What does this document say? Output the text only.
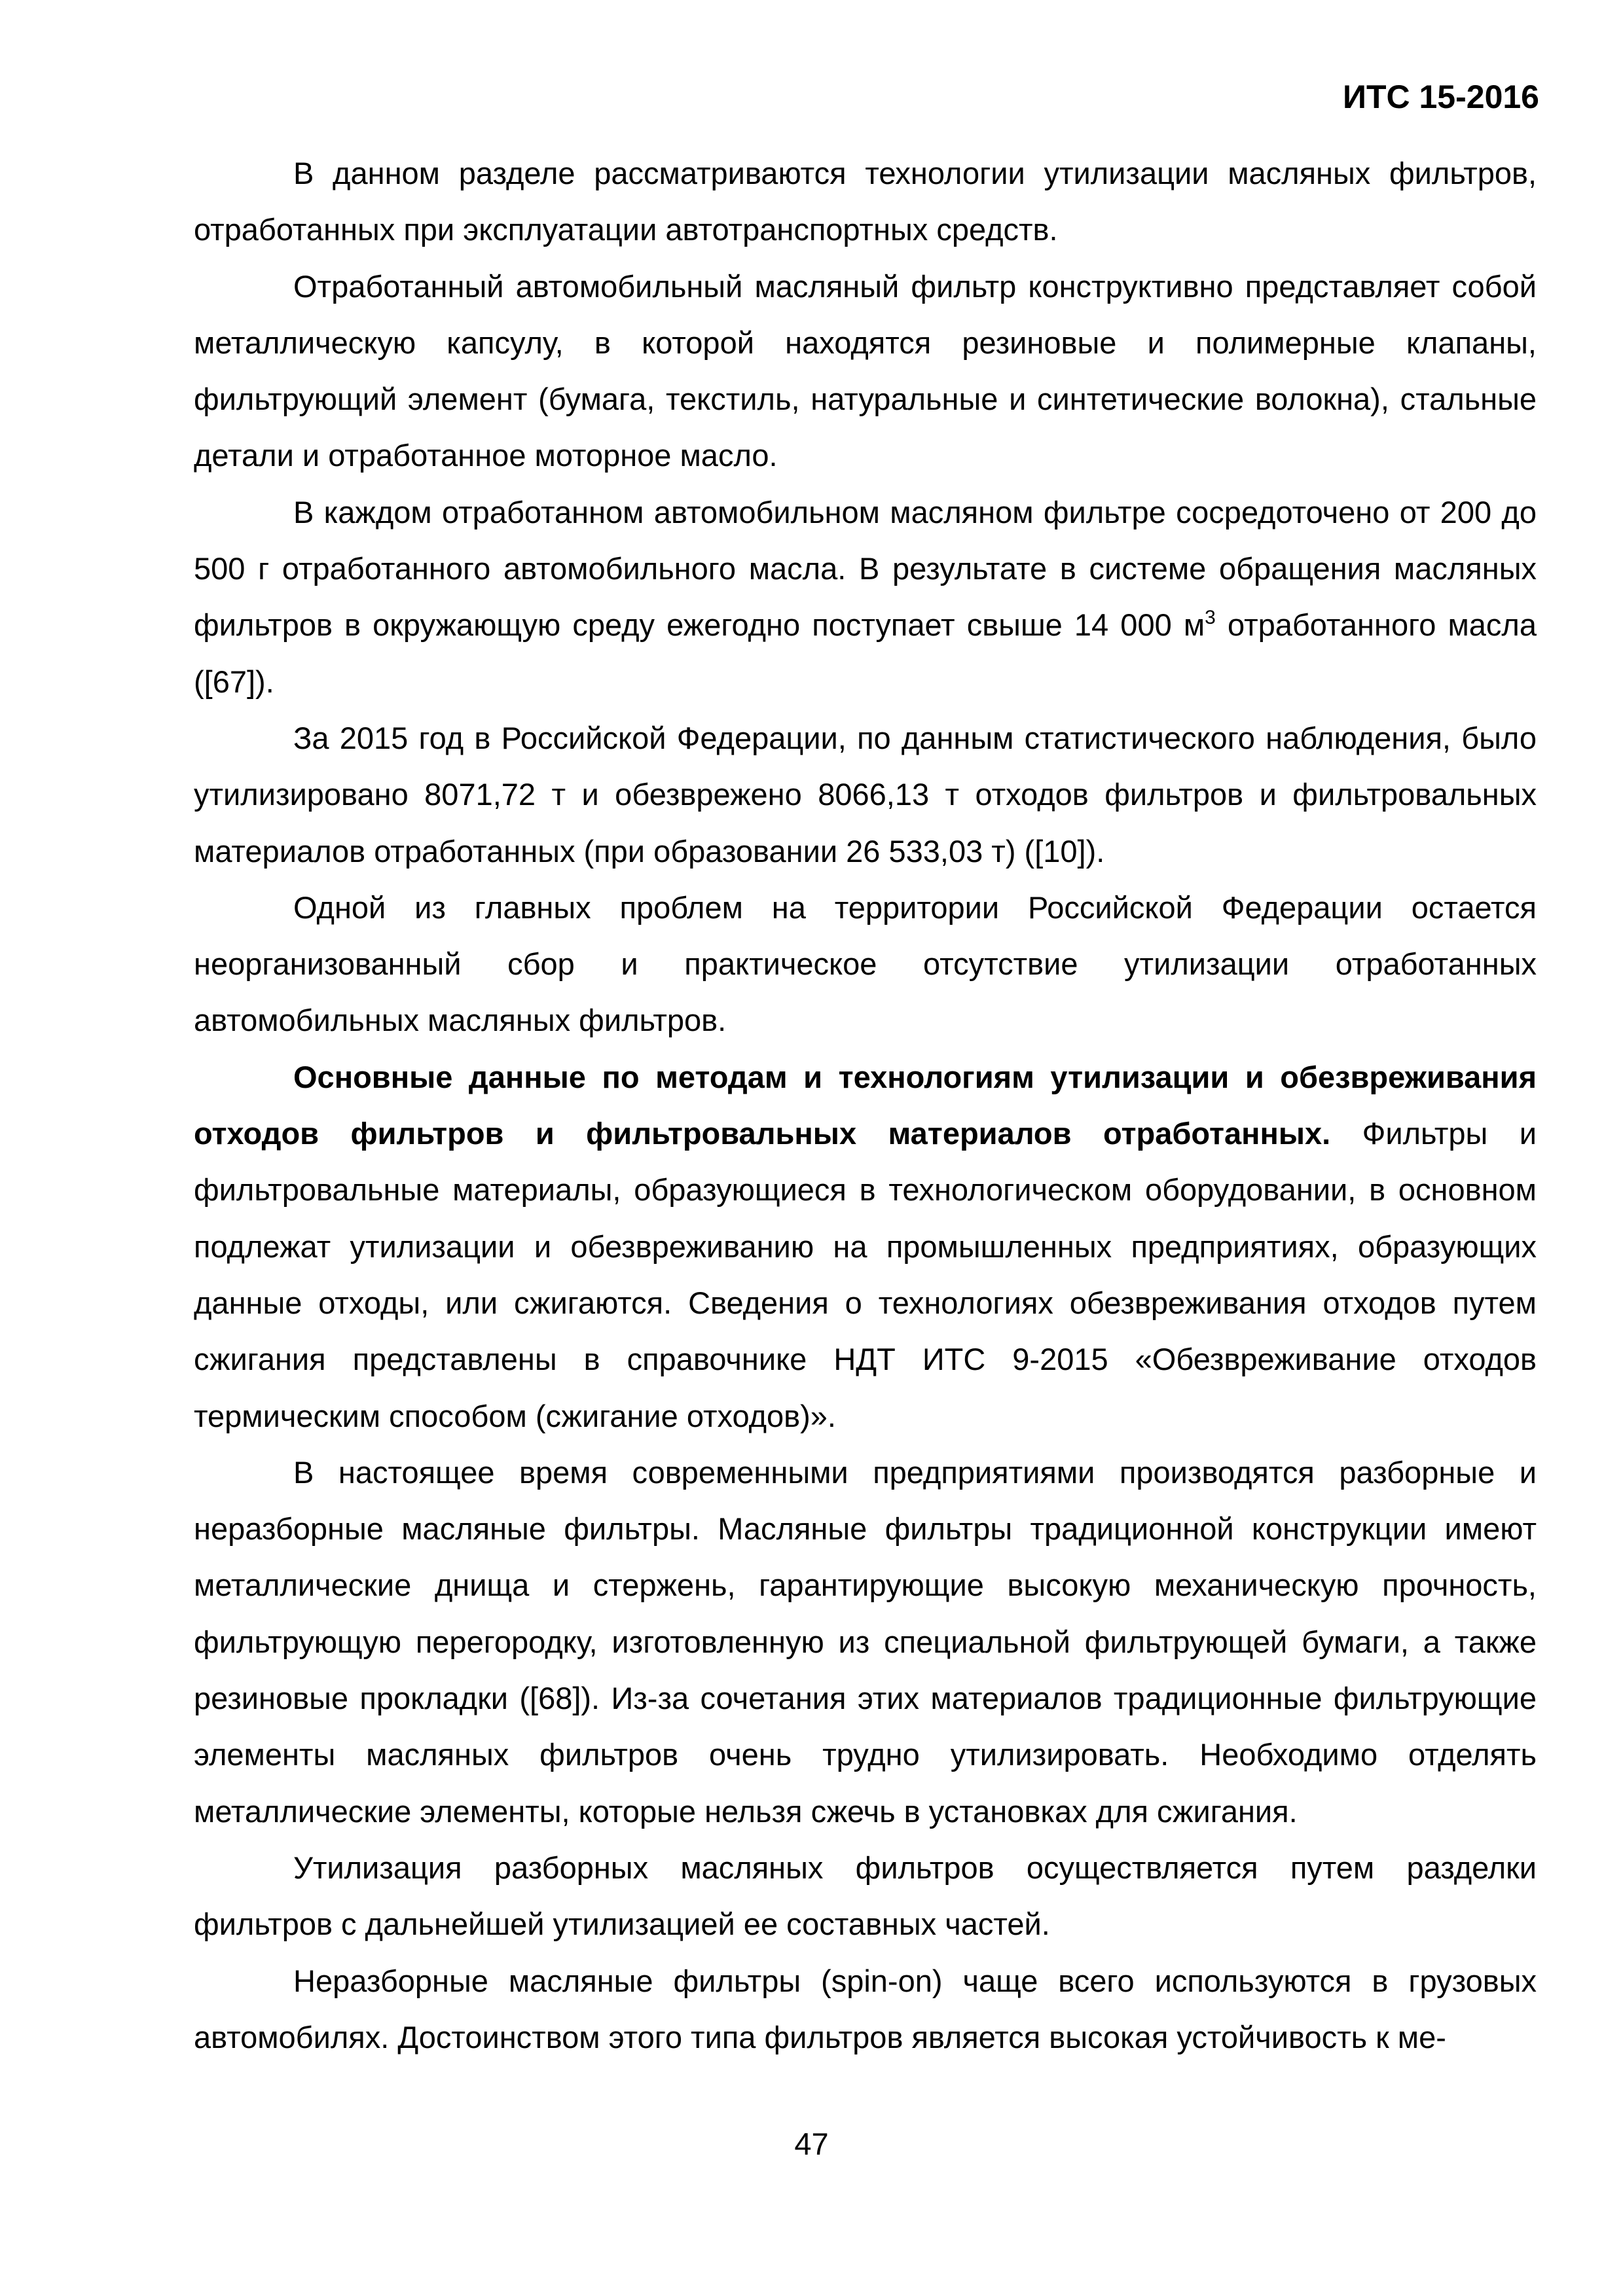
ИТС 15-2016

В данном разделе рассматриваются технологии утилизации масляных фильтров, отработанных при эксплуатации автотранспортных средств.

Отработанный автомобильный масляный фильтр конструктивно представляет собой металлическую капсулу, в которой находятся резиновые и полимерные клапаны, фильтрующий элемент (бумага, текстиль, натуральные и синтетические волокна), стальные детали и отработанное моторное масло.

В каждом отработанном автомобильном масляном фильтре сосредоточено от 200 до 500 г отработанного автомобильного масла. В результате в системе обращения масляных фильтров в окружающую среду ежегодно поступает свыше 14 000 $м^3$ отработанного масла ([67]).

За 2015 год в Российской Федерации, по данным статистического наблюдения, было утилизировано 8071,72 т и обезврежено 8066,13 т отходов фильтров и фильтровальных материалов отработанных (при образовании 26 533,03 т) ([10]).

Одной из главных проблем на территории Российской Федерации остается неорганизованный сбор и практическое отсутствие утилизации отработанных автомобильных масляных фильтров.

Основные данные по методам и технологиям утилизации и обезвреживания отходов фильтров и фильтровальных материалов отработанных. Фильтры и фильтровальные материалы, образующиеся в технологическом оборудовании, в основном подлежат утилизации и обезвреживанию на промышленных предприятиях, образующих данные отходы, или сжигаются. Сведения о технологиях обезвреживания отходов путем сжигания представлены в справочнике НДТ ИТС 9-2015 «Обезвреживание отходов термическим способом (сжигание отходов)».

В настоящее время современными предприятиями производятся разборные и неразборные масляные фильтры. Масляные фильтры традиционной конструкции имеют металлические днища и стержень, гарантирующие высокую механическую прочность, фильтрующую перегородку, изготовленную из специальной фильтрующей бумаги, а также резиновые прокладки ([68]). Из-за сочетания этих материалов традиционные фильтрующие элементы масляных фильтров очень трудно утилизировать. Необходимо отделять металлические элементы, которые нельзя сжечь в установках для сжигания.

Утилизация разборных масляных фильтров осуществляется путем разделки фильтров с дальнейшей утилизацией ее составных частей.

Неразборные масляные фильтры (spin-on) чаще всего используются в грузовых автомобилях. Достоинством этого типа фильтров является высокая устойчивость к ме-

47
